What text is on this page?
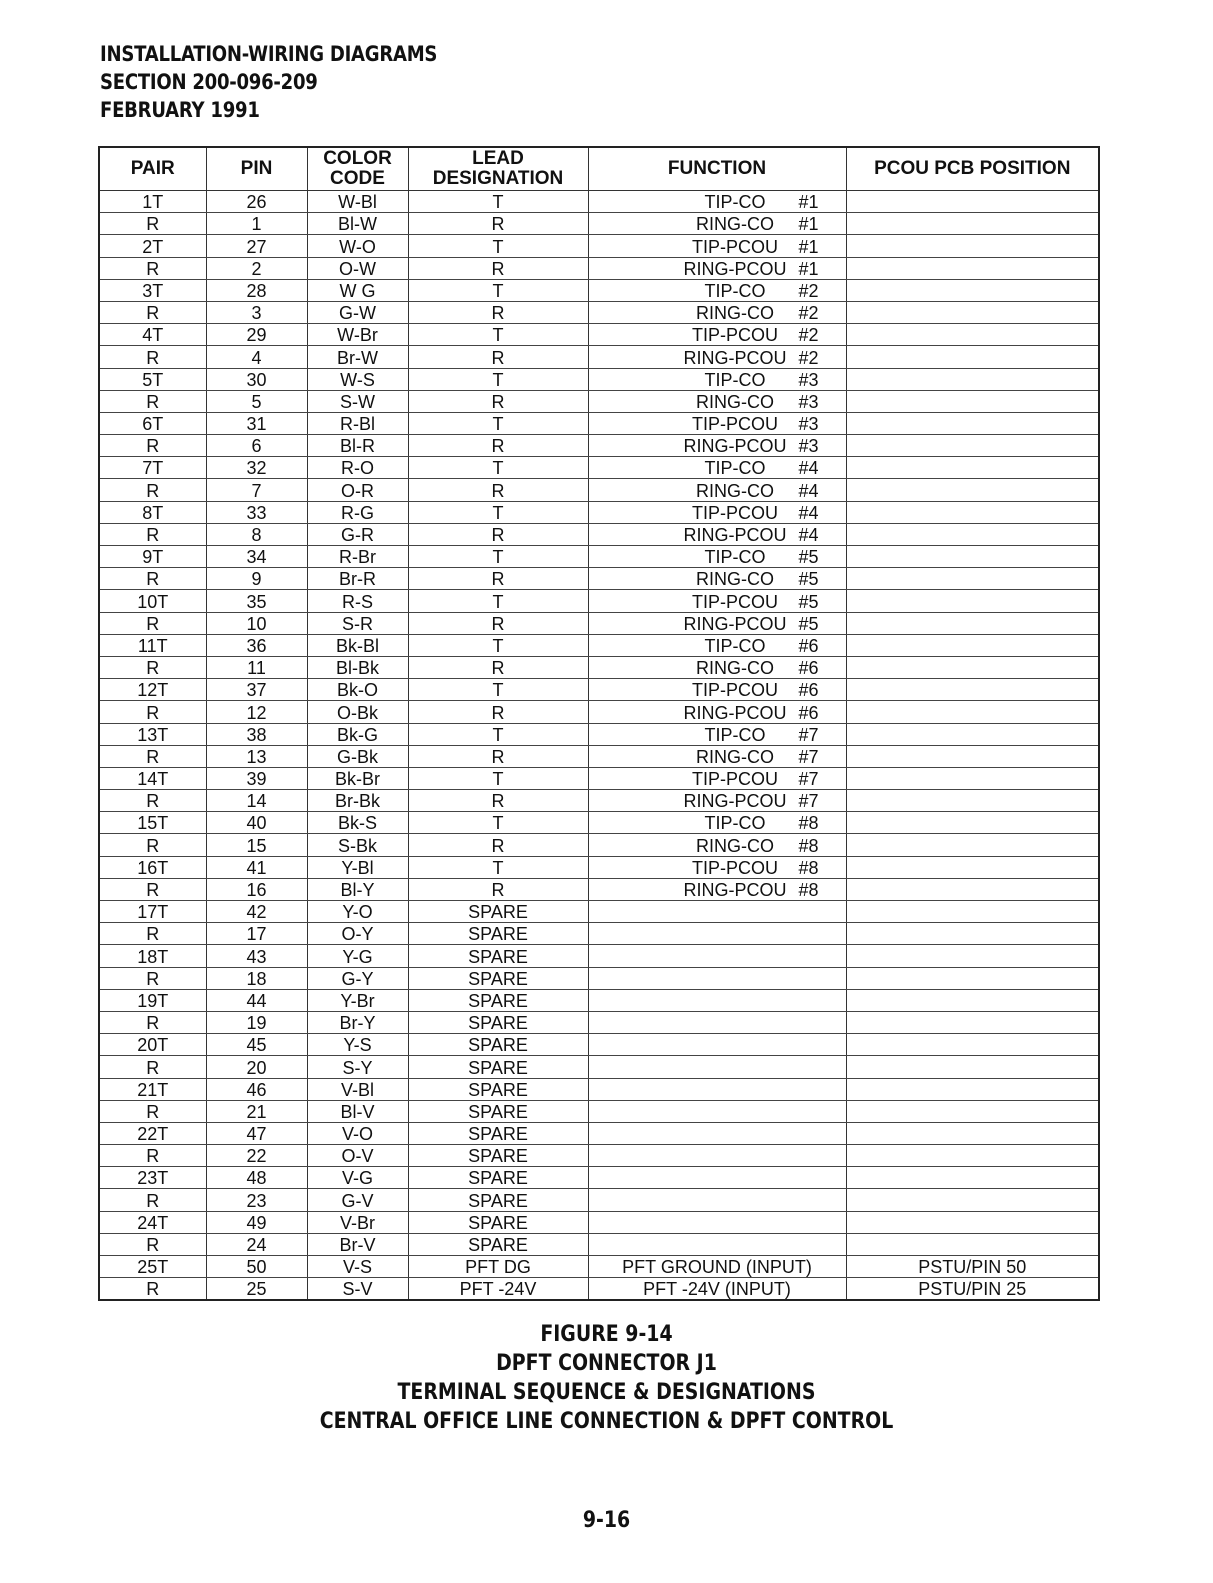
INSTALLATION-WIRING DIAGRAMS
SECTION 200-096-209
FEBRUARY 1991
PAIR	PIN	COLOR CODE	LEAD DESIGNATION	FUNCTION	PCOU PCB POSITION
1T	26	W-Bl	T	TIP-CO #1	
R	1	Bl-W	R	RING-CO #1	
2T	27	W-O	T	TIP-PCOU #1	
R	2	O-W	R	RING-PCOU #1	
3T	28	W G	T	TIP-CO #2	
R	3	G-W	R	RING-CO #2	
4T	29	W-Br	T	TIP-PCOU #2	
R	4	Br-W	R	RING-PCOU #2	
5T	30	W-S	T	TIP-CO #3	
R	5	S-W	R	RING-CO #3	
6T	31	R-Bl	T	TIP-PCOU #3	
R	6	Bl-R	R	RING-PCOU #3	
7T	32	R-O	T	TIP-CO #4	
R	7	O-R	R	RING-CO #4	
8T	33	R-G	T	TIP-PCOU #4	
R	8	G-R	R	RING-PCOU #4	
9T	34	R-Br	T	TIP-CO #5	
R	9	Br-R	R	RING-CO #5	
10T	35	R-S	T	TIP-PCOU #5	
R	10	S-R	R	RING-PCOU #5	
11T	36	Bk-Bl	T	TIP-CO #6	
R	11	Bl-Bk	R	RING-CO #6	
12T	37	Bk-O	T	TIP-PCOU #6	
R	12	O-Bk	R	RING-PCOU #6	
13T	38	Bk-G	T	TIP-CO #7	
R	13	G-Bk	R	RING-CO #7	
14T	39	Bk-Br	T	TIP-PCOU #7	
R	14	Br-Bk	R	RING-PCOU #7	
15T	40	Bk-S	T	TIP-CO #8	
R	15	S-Bk	R	RING-CO #8	
16T	41	Y-Bl	T	TIP-PCOU #8	
R	16	Bl-Y	R	RING-PCOU #8	
17T	42	Y-O	SPARE		
R	17	O-Y	SPARE		
18T	43	Y-G	SPARE		
R	18	G-Y	SPARE		
19T	44	Y-Br	SPARE		
R	19	Br-Y	SPARE		
20T	45	Y-S	SPARE		
R	20	S-Y	SPARE		
21T	46	V-Bl	SPARE		
R	21	Bl-V	SPARE		
22T	47	V-O	SPARE		
R	22	O-V	SPARE		
23T	48	V-G	SPARE		
R	23	G-V	SPARE		
24T	49	V-Br	SPARE		
R	24	Br-V	SPARE		
25T	50	V-S	PFT DG	PFT GROUND (INPUT)	PSTU/PIN 50
R	25	S-V	PFT -24V	PFT -24V (INPUT)	PSTU/PIN 25
FIGURE 9-14
DPFT CONNECTOR J1
TERMINAL SEQUENCE & DESIGNATIONS
CENTRAL OFFICE LINE CONNECTION & DPFT CONTROL
9-16
